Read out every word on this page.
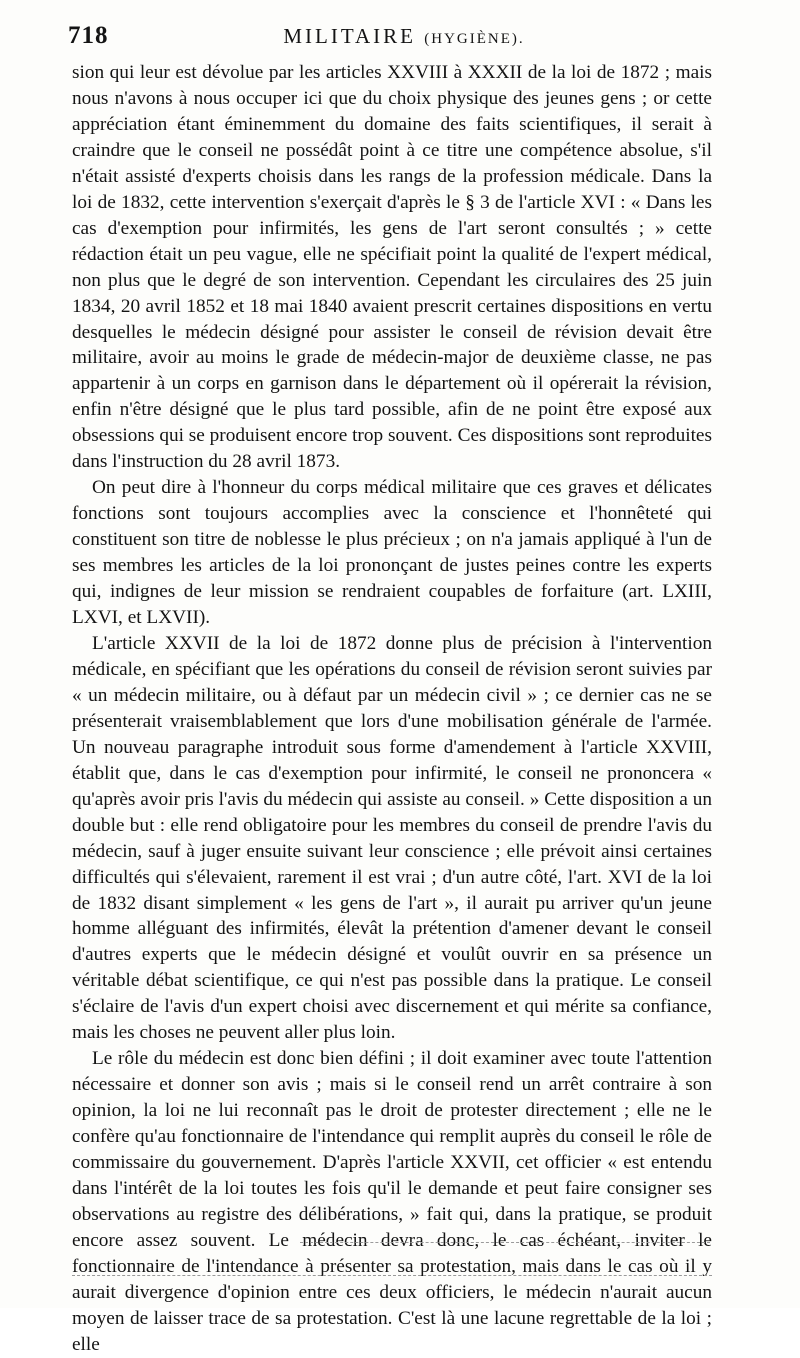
718	MILITAIRE (HYGIÈNE).

sion qui leur est dévolue par les articles XXVIII à XXXII de la loi de 1872 ; mais nous n'avons à nous occuper ici que du choix physique des jeunes gens ; or cette appréciation étant éminemment du domaine des faits scientifiques, il serait à craindre que le conseil ne possédât point à ce titre une compétence absolue, s'il n'était assisté d'experts choisis dans les rangs de la profession médicale. Dans la loi de 1832, cette intervention s'exerçait d'après le § 3 de l'article XVI : « Dans les cas d'exemption pour infirmités, les gens de l'art seront consultés ; » cette rédaction était un peu vague, elle ne spécifiait point la qualité de l'expert médical, non plus que le degré de son intervention. Cependant les circulaires des 25 juin 1834, 20 avril 1852 et 18 mai 1840 avaient prescrit certaines dispositions en vertu desquelles le médecin désigné pour assister le conseil de révision devait être militaire, avoir au moins le grade de médecin-major de deuxième classe, ne pas appartenir à un corps en garnison dans le département où il opérerait la révision, enfin n'être désigné que le plus tard possible, afin de ne point être exposé aux obsessions qui se produisent encore trop souvent. Ces dispositions sont reproduites dans l'instruction du 28 avril 1873.

On peut dire à l'honneur du corps médical militaire que ces graves et délicates fonctions sont toujours accomplies avec la conscience et l'honnêteté qui constituent son titre de noblesse le plus précieux ; on n'a jamais appliqué à l'un de ses membres les articles de la loi prononçant de justes peines contre les experts qui, indignes de leur mission se rendraient coupables de forfaiture (art. LXIII, LXVI, et LXVII).

L'article XXVII de la loi de 1872 donne plus de précision à l'intervention médicale, en spécifiant que les opérations du conseil de révision seront suivies par « un médecin militaire, ou à défaut par un médecin civil » ; ce dernier cas ne se présenterait vraisemblablement que lors d'une mobilisation générale de l'armée. Un nouveau paragraphe introduit sous forme d'amendement à l'article XXVIII, établit que, dans le cas d'exemption pour infirmité, le conseil ne prononcera « qu'après avoir pris l'avis du médecin qui assiste au conseil. » Cette disposition a un double but : elle rend obligatoire pour les membres du conseil de prendre l'avis du médecin, sauf à juger ensuite suivant leur conscience ; elle prévoit ainsi certaines difficultés qui s'élevaient, rarement il est vrai ; d'un autre côté, l'art. XVI de la loi de 1832 disant simplement « les gens de l'art », il aurait pu arriver qu'un jeune homme alléguant des infirmités, élevât la prétention d'amener devant le conseil d'autres experts que le médecin désigné et voulût ouvrir en sa présence un véritable débat scientifique, ce qui n'est pas possible dans la pratique. Le conseil s'éclaire de l'avis d'un expert choisi avec discernement et qui mérite sa confiance, mais les choses ne peuvent aller plus loin.

Le rôle du médecin est donc bien défini ; il doit examiner avec toute l'attention nécessaire et donner son avis ; mais si le conseil rend un arrêt contraire à son opinion, la loi ne lui reconnaît pas le droit de protester directement ; elle ne le confère qu'au fonctionnaire de l'intendance qui remplit auprès du conseil le rôle de commissaire du gouvernement. D'après l'article XXVII, cet officier « est entendu dans l'intérêt de la loi toutes les fois qu'il le demande et peut faire consigner ses observations au registre des délibérations, » fait qui, dans la pratique, se produit encore assez souvent. Le médecin devra donc, le cas échéant, inviter le fonctionnaire de l'intendance à présenter sa protestation, mais dans le cas où il y aurait divergence d'opinion entre ces deux officiers, le médecin n'aurait aucun moyen de laisser trace de sa protestation. C'est là une lacune regrettable de la loi ; elle
